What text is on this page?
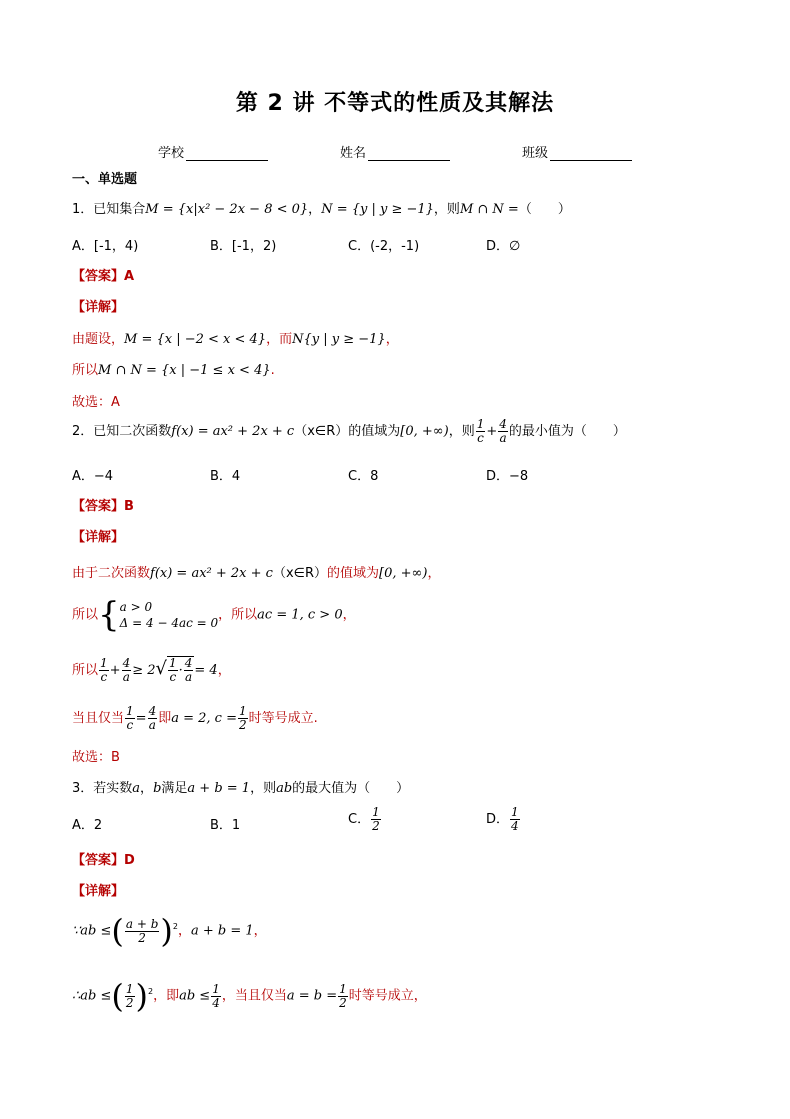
第 2 讲 不等式的性质及其解法
学校	姓名	班级
一、单选题
1．已知集合M = {x|x² − 2x − 8 < 0}，N = {y | y ≥ −1}，则M ∩ N =（　　）
A．[-1，4)	B．[-1，2)	C．(-2，-1)	D．∅
【答案】A
【详解】
由题设，M = {x | −2 < x < 4}，而N{y | y ≥ −1}，
所以M ∩ N = {x | −1 ≤ x < 4}.
故选：A
2．已知二次函数f(x) = ax² + 2x + c（x∈R）的值域为[0, +∞)，则 $\frac{1}{c} + \frac{4}{a}$ 的最小值为（　　）
A．−4	B．4	C．8	D．−8
【答案】B
【详解】
由于二次函数f(x) = ax² + 2x + c（x∈R）的值域为[0, +∞)，
所以{ a > 0
Δ = 4 − 4ac = 0
，所以ac = 1, c > 0，
所以 $\frac{1}{c} + \frac{4}{a} \ge 2√ \frac{1}{c} \cdot \frac{4}{a} = 4$，
当且仅当 $\frac{1}{c} = \frac{4}{a}$ 即a = 2, $c = \frac{1}{2}$ 时等号成立.
故选：B
3．若实数a，b满足a + b = 1，则ab的最大值为（　　）
A．2	B．1	C． $\frac{1}{2}$	D． $\frac{1}{4}$
【答案】D
【详解】
∵ab ≤( $\frac{a + b}{2} )^2$，a + b = 1，
∴ab ≤( $\frac{1}{2} )^2$，即ab ≤ $\frac{1}{4}$ ，当且仅当$a = b = \frac{1}{2}$ 时等号成立，
